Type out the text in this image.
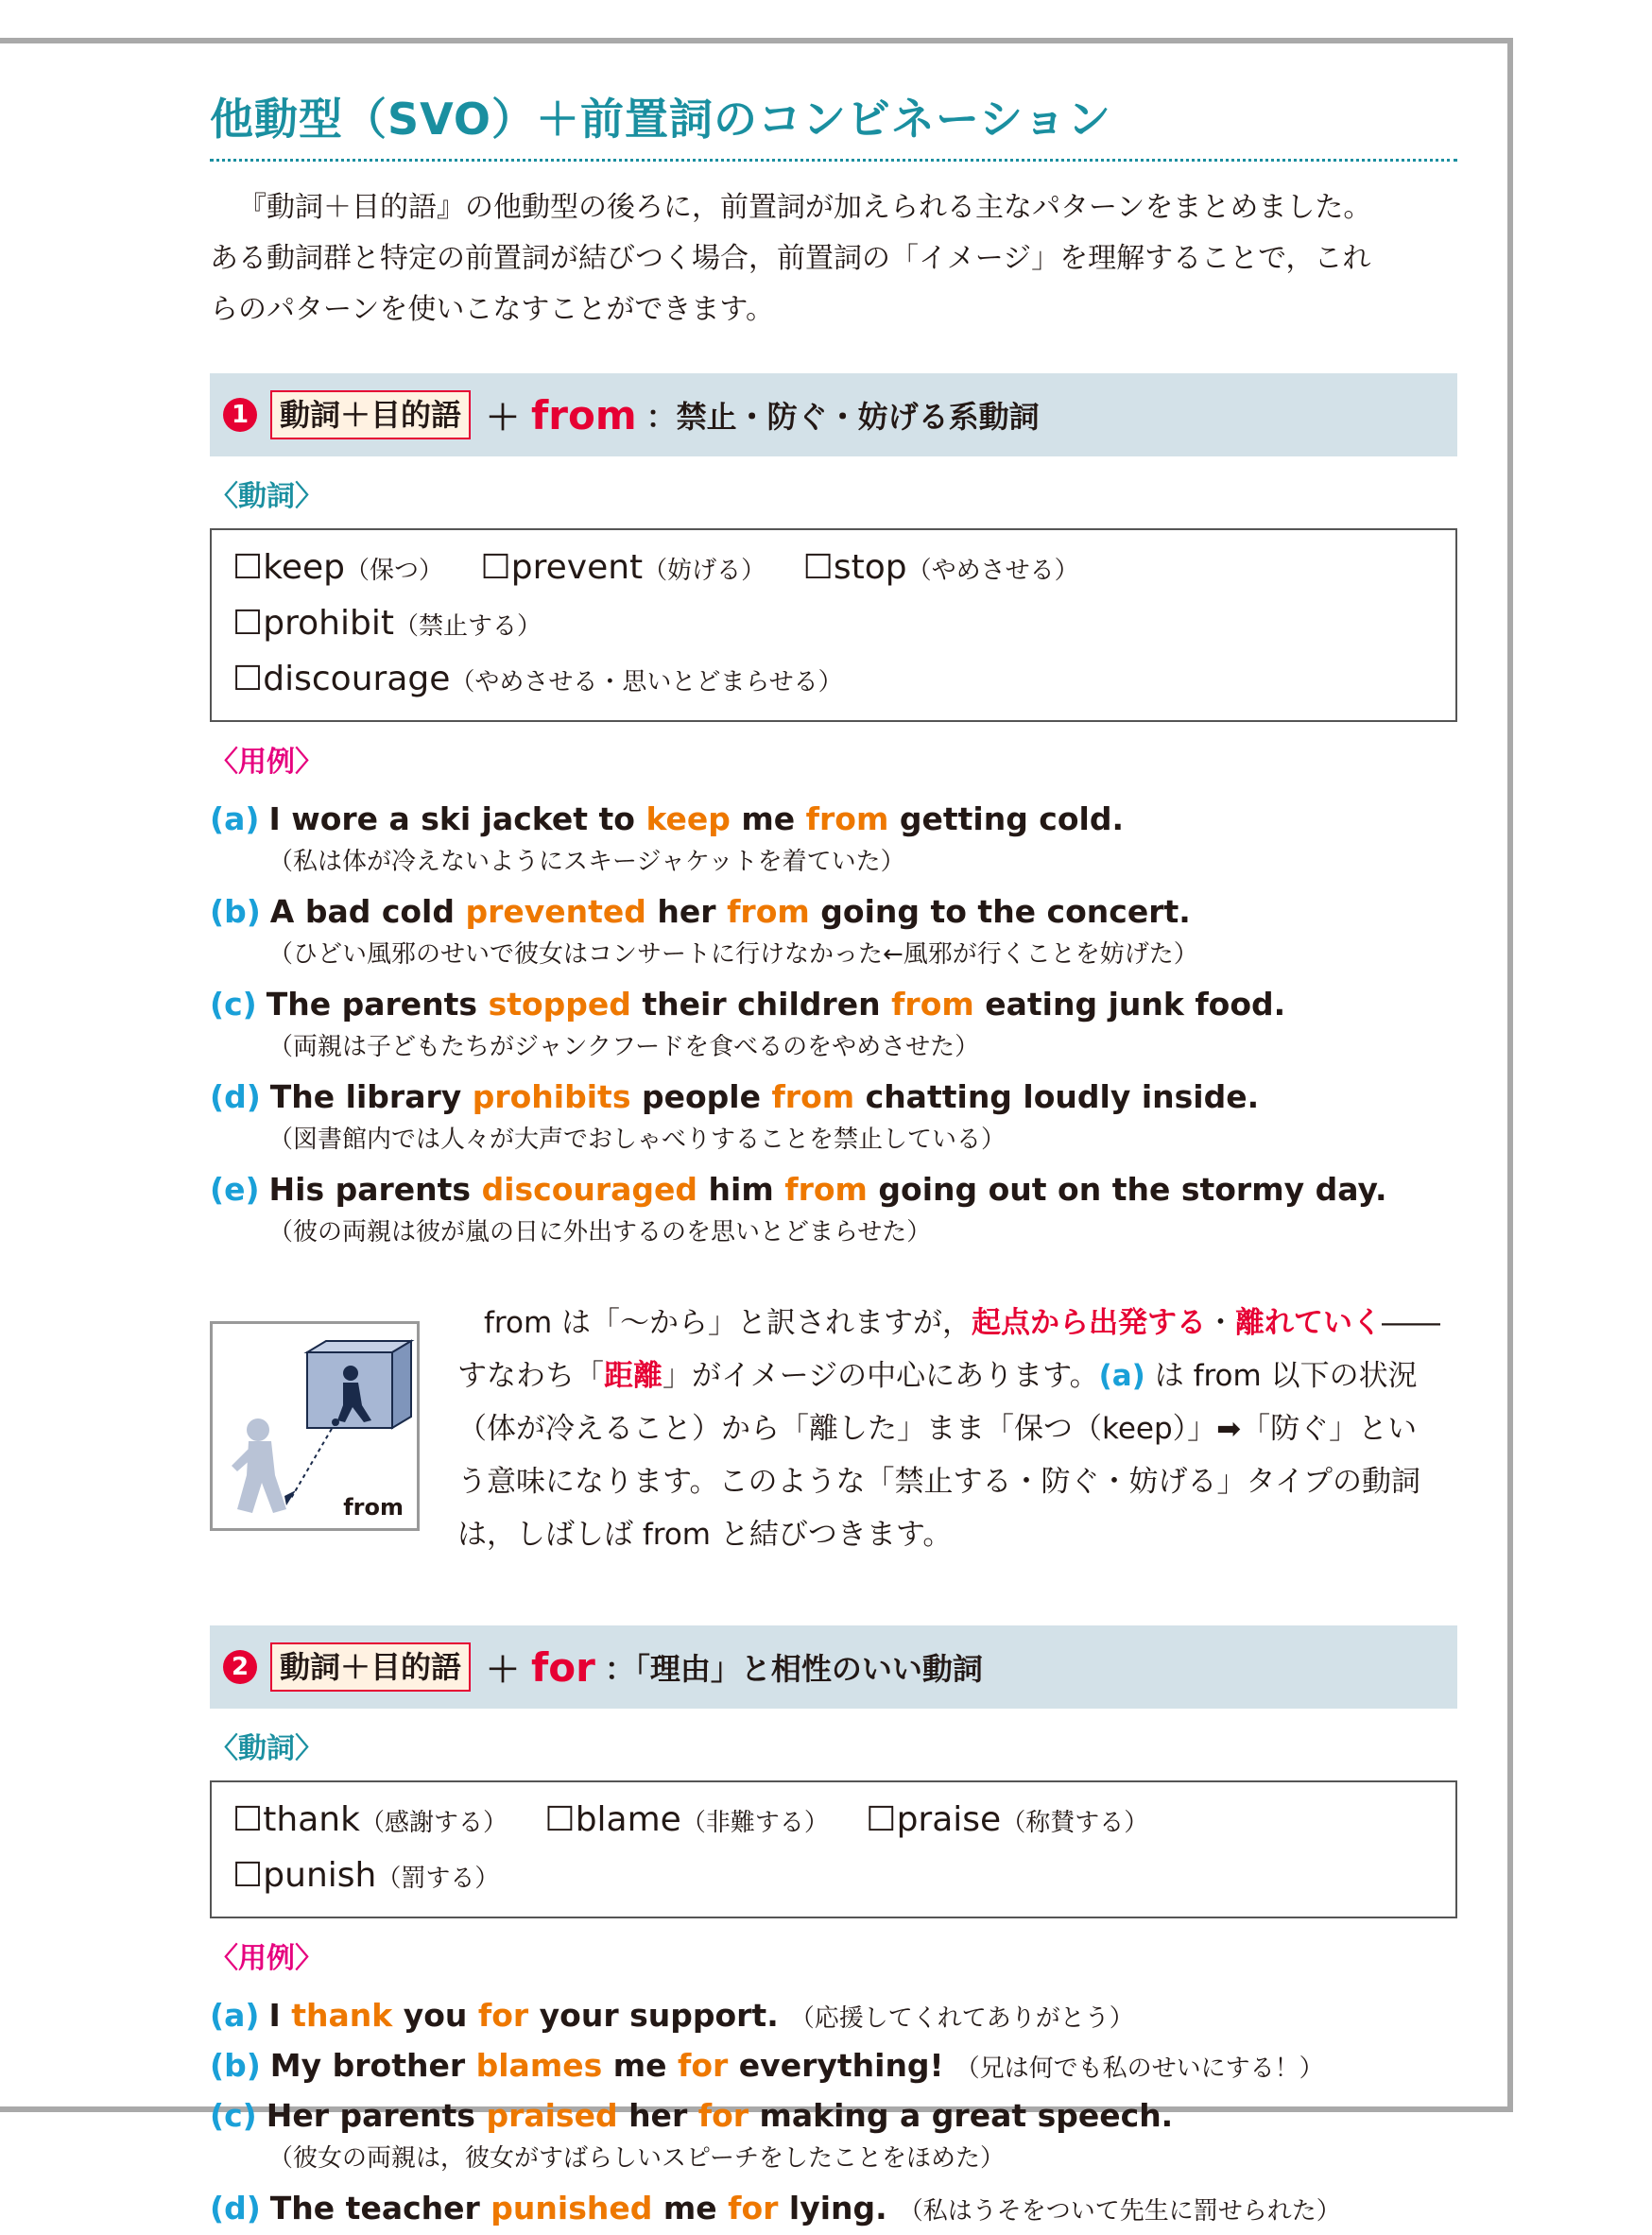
他動型（SVO）＋前置詞のコンビネーション

『動詞＋目的語』の他動型の後ろに，前置詞が加えられる主なパターンをまとめました。

ある動詞群と特定の前置詞が結びつく場合，前置詞の「イメージ」を理解することで，これ

らのパターンを使いこなすことができます。

1	動詞＋目的語 ＋ from ：禁止・防ぐ・妨げる系動詞
〈動詞〉
☐keep（保つ） ☐prevent（妨げる） ☐stop（やめさせる） ☐prohibit（禁止する）
☐discourage（やめさせる・思いとどまらせる）
〈用例〉
(a) I wore a ski jacket to keep me from getting cold.
（私は体が冷えないようにスキージャケットを着ていた）
(b) A bad cold prevented her from going to the concert.
（ひどい風邪のせいで彼女はコンサートに行けなかった←風邪が行くことを妨げた）
(c) The parents stopped their children from eating junk food.
（両親は子どもたちがジャンクフードを食べるのをやめさせた）
(d) The library prohibits people from chatting loudly inside.
（図書館内では人々が大声でおしゃべりすることを禁止している）
(e) His parents discouraged him from going out on the stormy day.
（彼の両親は彼が嵐の日に外出するのを思いとどまらせた）
from
from は「～から」と訳されますが，起点から出発する・離れていく――
すなわち「距離」がイメージの中心にあります。(a) は from 以下の状況
（体が冷えること）から「離した」まま「保つ（keep）」➡「防ぐ」とい
う意味になります。このような「禁止する・防ぐ・妨げる」タイプの動詞
は，しばしば from と結びつきます。
2	動詞＋目的語 ＋ for ：「理由」と相性のいい動詞
〈動詞〉
☐thank（感謝する） ☐blame（非難する） ☐praise（称賛する） ☐punish（罰する）
〈用例〉
(a) I thank you for your support. （応援してくれてありがとう）
(b) My brother blames me for everything! （兄は何でも私のせいにする！）
(c) Her parents praised her for making a great speech.
（彼女の両親は，彼女がすばらしいスピーチをしたことをほめた）
(d) The teacher punished me for lying. （私はうそをついて先生に罰せられた）
